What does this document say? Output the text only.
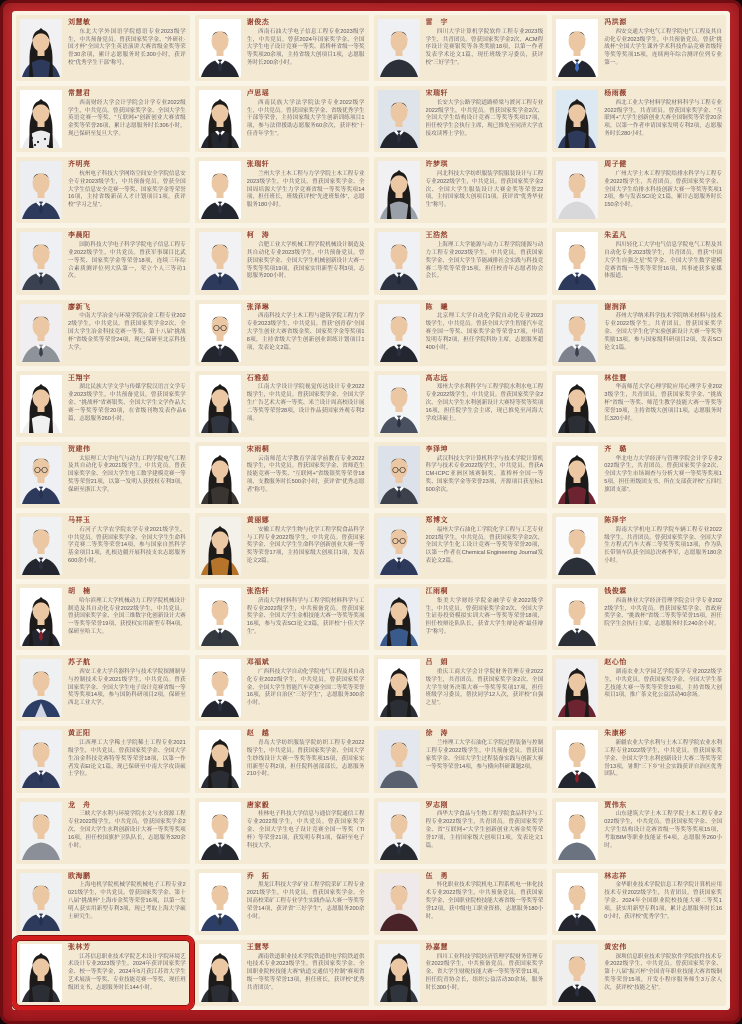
刘慧敏
东北大学外国语学院德语专业2023级学生，中共预备党员。曾获国家奖学金、“外研社·国才杯”全国大学生英语演讲大赛省级金奖等荣誉30余项，累计志愿服务时长300小时，获评校“优秀学生干部”称号。
谢俊杰
西南石油大学电子信息工程专业2023级学生，中共党员。曾获2024年国家奖学金、全国大学生电子设计竞赛一等奖、蓝桥杯省级一等奖等奖项20余项，主持省级大创项目1项，志愿服务时长200余小时。
雷　宇
四川大学计算机学院软件工程专业2023级学生，共青团员。曾获国家奖学金2次、ACM程序设计竞赛银奖等各类奖励18项，以第一作者发表学术论文1篇，现任班级学习委员，获评校“三好学生”。
冯洪源
西安交通大学电气工程学院电气工程及其自动化专业2023级学生，中共预备党员。曾获“挑战杯”全国大学生课外学术科技作品竞赛省级特等奖等奖项15项，连续两年综合测评位列专业第一。
常慧君
西南财经大学会计学院会计学专业2022级学生，中共党员。曾获国家奖学金、全国大学生英语竞赛一等奖、“互联网+”创新创业大赛省级金奖等荣誉26项，累计志愿服务时长306小时，现已保研至复旦大学。
卢思瑶
西南民族大学法学院法学专业2022级学生，中共党员。曾获国家奖学金、省级优秀学生干部等荣誉，主持国家级大学生创新训练项目1项，参与法律援助志愿服务60余次，获评校“十佳青年学生”。
宋瑞轩
长安大学公路学院道路桥梁与渡河工程专业2022级学生，中共党员。曾获国家奖学金2次、全国大学生结构设计竞赛二等奖等奖项17项，担任校学生会执行主席，现已推免至同济大学直接攻读博士学位。
杨雨薇
西北工业大学材料学院材料科学与工程专业2022级学生，共青团员。曾获国家奖学金、“互联网+”大学生创新创业大赛全国铜奖等荣誉20余项，以第一作者申请国家发明专利2项，志愿服务时长280小时。
齐明亮
杭州电子科技大学网络空间安全学院信息安全专业2023级学生，中共预备党员。曾获全国大学生信息安全竞赛一等奖、国家奖学金等荣誉16项，主持省级新苗人才计划项目1项，获评校“学习之星”。
张瑞轩
兰州大学土木工程与力学学院土木工程专业2023级学生，中共党员。曾获国家奖学金、全国周培源大学生力学竞赛省级一等奖等奖项14项，担任班长，班级获评校“先进班集体”，志愿服务180小时。
许梦琪
河北科技大学纺织服装学院服装设计与工程专业2022级学生，中共党员。曾获国家奖学金2次、全国大学生服装设计大赛金奖等荣誉22项，主持国家级大创项目1项，获评省“优秀毕业生”称号。
周子健
广州大学土木工程学院给排水科学与工程专业2022级学生，共青团员。曾获国家奖学金、全国大学生给排水科技创新大赛一等奖等奖项12项，参与发表SCI论文1篇，累计志愿服务时长150余小时。
李晨阳
国防科技大学电子科学学院电子信息工程专业2022级学生，中共党员。曾获军事课目比武一等奖、国家奖学金等荣誉18项，连续三年综合素质测评位列大队第一，荣立个人三等功1次。
柯　涛
合肥工业大学机械工程学院机械设计制造及其自动化专业2023级学生，中共预备党员。曾获国家奖学金、全国大学生机械创新设计大赛一等奖等奖项19项，获国家实用新型专利3项，志愿服务200小时。
王浩然
上海理工大学能源与动力工程学院能源与动力工程专业2023级学生，中共党员。曾获国家奖学金、全国大学生节能减排社会实践与科技竞赛二等奖等荣誉15项，担任校青年志愿者协会会长。
朱孟凡
四川轻化工大学电气信息学院电气工程及其自动化专业2023级学生，共青团员。曾获“中国大学生自强之星”奖学金、全国大学生数学建模竞赛省级一等奖等荣誉16项，其事迹获多家媒体报道。
廖新飞
中南大学冶金与环境学院冶金工程专业2022级学生，中共党员。曾获国家奖学金2次、全国大学生冶金科技竞赛一等奖、第十八届“挑战杯”省级金奖等荣誉24项，现已保研至北京科技大学。
张泽琳
西南科技大学土木工程与建筑学院工程力学专业2023级学生，中共党员。曾获“创青春”全国大学生创业大赛省级金奖、国家奖学金等奖项18项，主持省级大学生创新创业训练计划项目1项，发表论文2篇。
陈　曦
北京理工大学自动化学院自动化专业2023级学生，中共党员。曾获全国大学生智能汽车竞赛全国一等奖、国家奖学金等荣誉17项，申请发明专利2项，担任学院科协主席，志愿服务超400小时。
谢润泽
苏州大学纳米科学技术学院纳米材料与技术专业2022级学生，共青团员。曾获国家奖学金、全国大学生化学实验创新设计大赛一等奖等奖励13项，参与国家级科研项目2项，发表SCI论文1篇。
王翔宇
湖北民族大学文学与传媒学院汉语言文学专业2023级学生，中共预备党员。曾获国家奖学金、“挑战杯”省赛银奖、全国大学生文学作品大赛一等奖等荣誉20项，在省级刊物发表作品6篇，志愿服务260小时。
石雅茹
江南大学设计学院视觉传达设计专业2022级学生，中共党员。曾获国家奖学金、全国大学生广告艺术大赛一等奖、米兰设计周高校设计展二等奖等荣誉28项，设计作品获国家外观专利2项。
高志远
郑州大学水利科学与工程学院水利水电工程专业2022级学生，中共党员。曾获国家奖学金2次、全国大学生水利创新设计大赛特等奖等奖项16项，担任院学生会主席，现已推免至河海大学攻读硕士。
林佳慧
华南师范大学心理学院应用心理学专业2023级学生，共青团员。曾获国家奖学金、“挑战杯”省级一等奖、师范生教学技能大赛一等奖等荣誉19项，主持省级大创项目1项，志愿服务时长320小时。
贺建伟
太原理工大学电气与动力工程学院电气工程及其自动化专业2021级学生，中共党员。曾获国家奖学金、全国大学生电工数学建模竞赛一等奖等荣誉21项，以第一发明人获授权专利3项，保研至浙江大学。
宋雨桐
云南师范大学教育学部学前教育专业2022级学生，中共党员。曾获国家奖学金、省师范生技能竞赛一等奖、“互联网+”省级银奖等荣誉18项，支教服务时长500余小时，获评省“优秀志愿者”称号。
李泽坤
武汉科技大学计算机科学与技术学院计算机科学与技术专业2022级学生，中共党员。曾获ACM-ICPC亚洲区域赛铜奖、蓝桥杯全国一等奖、国家奖学金等荣誉23项，开源项目获星标1600余次。
齐　璐
华北电力大学经济与管理学院会计学专业2022级学生，共青团员。曾获国家奖学金2次、全国大学生市场调查与分析大赛一等奖等奖项15项，担任班级团支书，所在支部获评校“五四红旗团支部”。
马祥玉
石河子大学农学院农学专业2021级学生，中共党员。曾获国家奖学金、全国大学生生命科学竞赛二等奖等荣誉14项，参与国家自然科学基金项目1项，扎根边疆开展科技支农志愿服务600余小时。
黄丽娜
安徽工程大学生物与化学工程学院食品科学与工程专业2022级学生，中共党员。曾获国家奖学金、全国大学生生命科学创新创业大赛一等奖等荣誉17项，主持国家级大创项目1项，发表论文2篇。
郑博文
福州大学石油化工学院化学工程与工艺专业2021级学生，中共党员。曾获国家奖学金2次、全国大学生化工设计竞赛一等奖等荣誉20项，以第一作者在Chemical Engineering Journal发表论文2篇。
陈泽宇
海南大学机电工程学院车辆工程专业2022级学生，共青团员。曾获国家奖学金、全国大学生方程式汽车大赛二等奖等奖项13项，作为队长带领车队获全国总决赛季军，志愿服务180余小时。
胡　楠
哈尔滨理工大学机械动力工程学院机械设计制造及其自动化专业2022级学生，中共党员。曾获国家奖学金、全国三维数字化创新设计大赛一等奖等荣誉19项，获授权实用新型专利4项，保研至哈工大。
张浩轩
济南大学材料科学与工程学院材料科学与工程专业2022级学生，中共预备党员。曾获国家奖学金、全国大学生金相技能大赛一等奖等奖项16项，参与发表SCI论文3篇，获评校“十佳大学生”。
江雨桐
集美大学财经学院金融学专业2022级学生，中共党员。曾获国家奖学金2次、全国大学生证券投资模拟实训大赛一等奖等荣誉18项，担任校辩论队队长，获省大学生辩论赛“最佳辩手”称号。
钱俊霖
西南林业大学经济管理学院会计学专业2022级学生，中共党员。曾获国家奖学金、省政府奖学金、“挑战杯”省级二等奖等荣誉15项，担任院学生会执行主席，志愿服务时长240余小时。
苏子航
西安工业大学兵器科学与技术学院探测制导与控制技术专业2021级学生，中共党员。曾获国家奖学金、全国大学生电子设计竞赛省级一等奖等奖项14项，参与国防科研项目2项，保研至西北工业大学。
邓福斌
广西科技大学自动化学院电气工程及其自动化专业2022级学生，中共党员。曾获国家奖学金、全国大学生智能汽车竞赛全国二等奖等荣誉16项，获评自治区“三好学生”，志愿服务300余小时。
吕　娟
重庆工商大学会计学院财务管理专业2022级学生，共青团员。曾获国家奖学金2次、全国大学生财务决策大赛一等奖等奖项17项，担任班级学习委员，帮扶同学12人次，获评校“自强之星”。
赵心怡
湖南农业大学园艺学院茶学专业2022级学生，中共党员。曾获国家奖学金、全国大学生茶艺技能大赛一等奖等荣誉19项，主持省级大创项目1项，推广茶文化公益活动40余场。
黄正阳
江西理工大学稀土学院稀土工程专业2021级学生，中共党员。曾获国家奖学金、全国大学生冶金科技竞赛特等奖等荣誉18项，以第一作者发表EI论文1篇，现已保研至中南大学攻读硕士学位。
赵　越
青岛大学纺织服装学院纺织工程专业2022级学生，中共党员。曾获国家奖学金、全国大学生纱线设计大赛一等奖等奖项15项，获国家实用新型专利2项，担任院科创部部长，志愿服务210小时。
徐　涛
兰州理工大学石油化工学院过程装备与控制工程专业2022级学生，中共预备党员。曾获国家奖学金、全国大学生过程装备实践与创新大赛一等奖等荣誉14项，参与横向科研课题2项。
朱康彬
新疆农业大学水利与土木工程学院农业水利工程专业2022级学生，中共党员。曾获国家奖学金、全国大学生水利创新设计大赛二等奖等荣誉13项，暑期“三下乡”社会实践获评自治区优秀团队。
龙　舟
三峡大学水利与环境学院水文与水资源工程专业2022级学生，中共党员。曾获国家奖学金2次、全国大学生水利创新设计大赛一等奖等奖项16项，担任校国旗护卫队队长，志愿服务320余小时。
唐家毅
桂林电子科技大学信息与通信学院通信工程专业2022级学生，中共党员。曾获国家奖学金、全国大学生电子设计竞赛全国一等奖（TI杯）等荣誉21项，获发明专利1项，保研至电子科技大学。
罗志刚
西华大学食品与生物工程学院食品科学与工程专业2022级学生，共青团员。曾获国家奖学金、省“互联网+”大学生创新创业大赛金奖等荣誉17项，主持国家级大创项目1项，发表论文1篇。
贾伟东
山东建筑大学土木工程学院土木工程专业2022级学生，中共党员。曾获国家奖学金、全国大学生结构设计竞赛省级一等奖等奖项15项，考取BIM等职业技能证书4项，志愿服务260小时。
欧海鹏
上海电机学院机械学院机械电子工程专业2021级学生，中共党员。曾获国家奖学金、第十八届“挑战杯”上海市金奖等荣誉16项，以第一发明人获实用新型专利3项，现已考取上海大学硕士研究生。
乔　拓
黑龙江科技大学矿业工程学院采矿工程专业2021级学生，中共党员。曾获国家奖学金、全国高校采矿工程专业学生实践作品大赛一等奖等荣誉14项，获评省“三好学生”，志愿服务200余小时。
伍　勇
怀化职业技术学院机电工程系机电一体化技术专业2022级学生，中共预备党员。曾获国家奖学金、全国职业院校技能大赛省级一等奖等荣誉12项，获中级电工职业资格，志愿服务180小时。
林志祥
金华职业技术学院信息工程学院计算机应用技术专业2022级学生，共青团员。曾获国家奖学金、2024年全国职业院校技能大赛二等奖1项，获实用新型专利1项，累计志愿服务时长160小时，获评校“优秀学生”。
张林芳
江苏信息职业技术学院艺术设计学院环境艺术设计专业2023级学生。2024年获评国家奖学金、校一等奖学金，2024年5月获江苏省大学生艺术展演一等奖、专业技能竞赛一等奖，现任班级团支书，志愿服务时长144小时。
王慧琴
湖南铁道职业技术学院铁道供电学院铁道供电技术专业2023级学生。曾获国家奖学金、全国职业院校技能大赛“轨道交通信号控制”赛项省级一等奖等荣誉13项，担任班长，获评校“优秀共青团员”。
孙嘉慧
四川工业科技学院经济管理学院财务管理专业2022级学生，中共预备党员。曾获国家奖学金、省大学生财税技能大赛一等奖等荣誉11项，担任院青协会长，组织公益活动30余场，服务时长300小时。
黄宏伟
深圳信息职业技术学院软件学院软件技术专业2022级学生，中共党员。曾获国家奖学金、第十八届“振兴杯”全国青年职业技能大赛省级铜奖等荣誉15项，开发小程序服务师生3万余人次，获评校“技能之星”。
